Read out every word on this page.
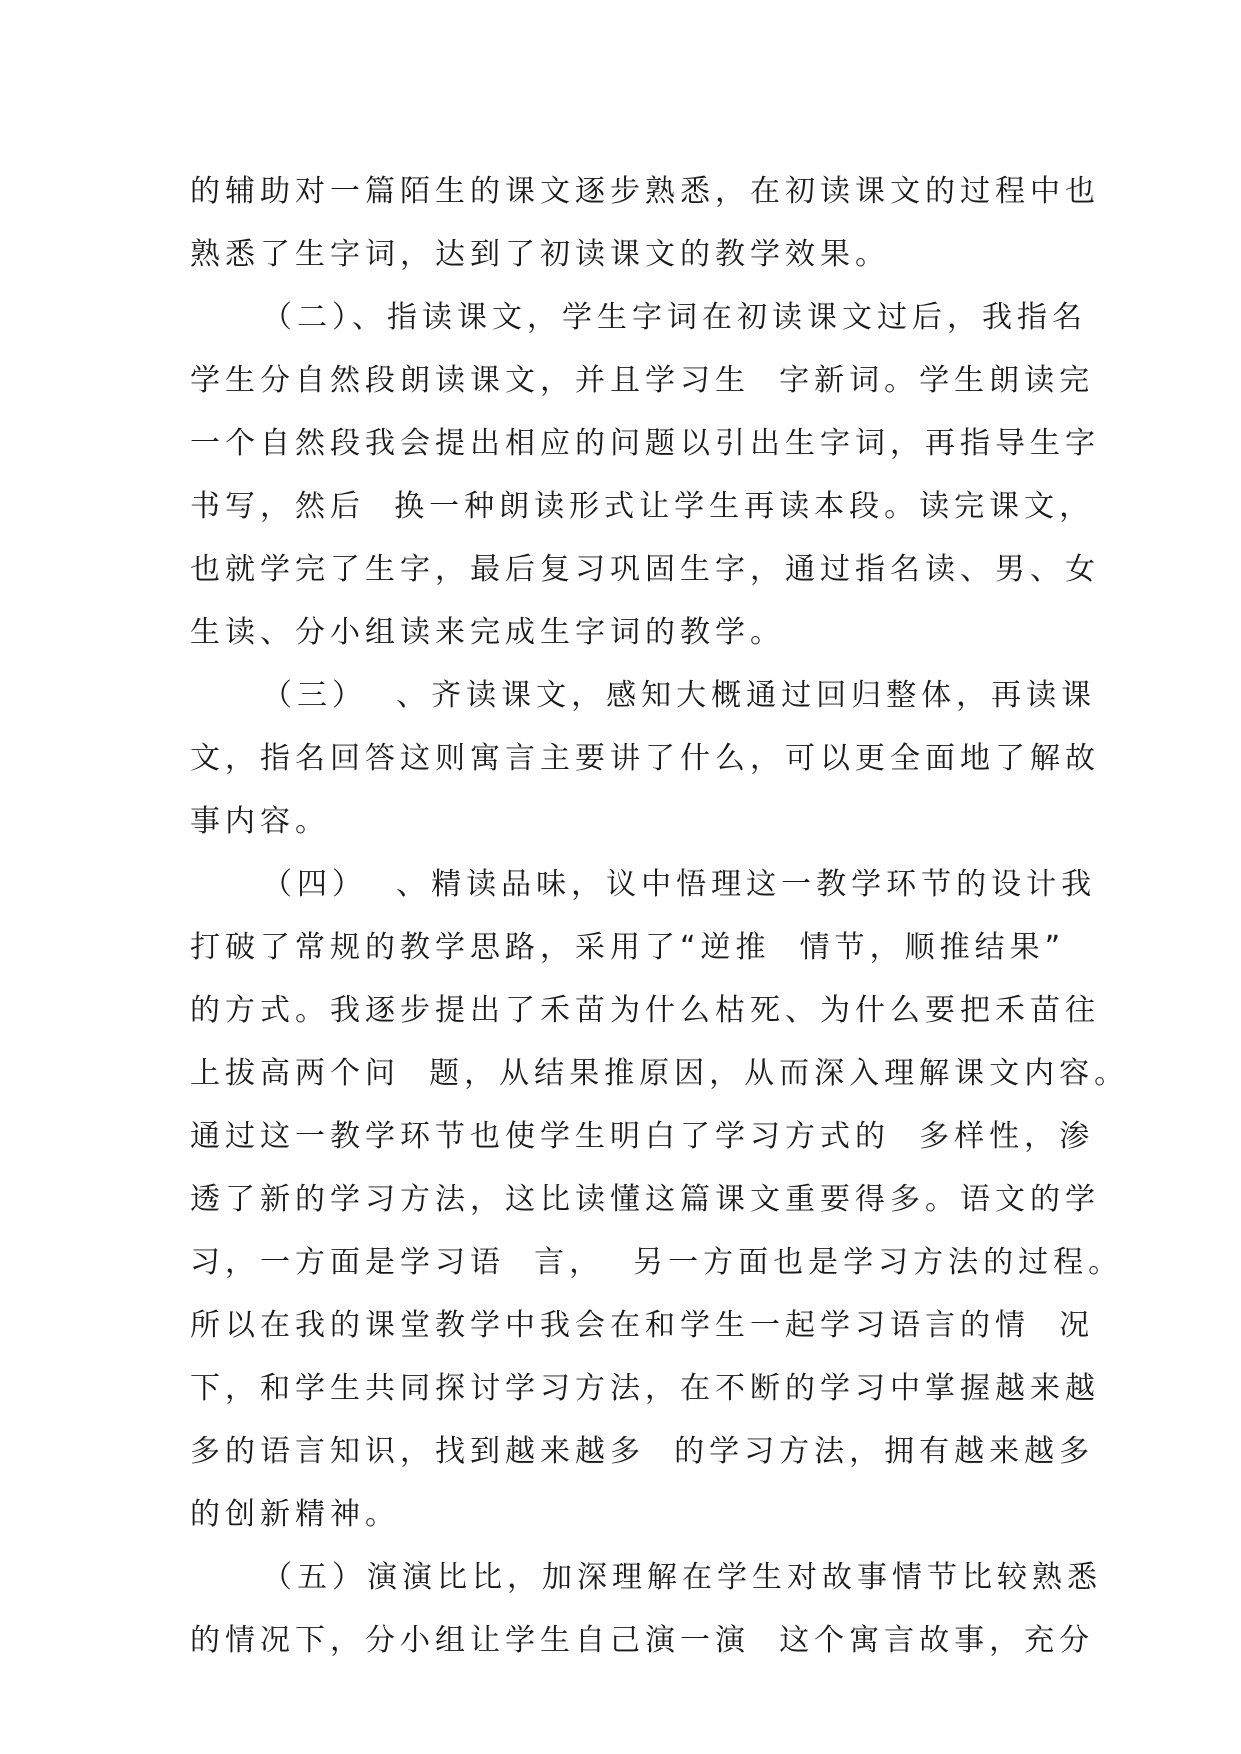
的辅助对一篇陌生的课文逐步熟悉，在初读课文的过程中也
熟悉了生字词，达到了初读课文的教学效果。
（二）、指读课文，学生字词在初读课文过后，我指名
学生分自然段朗读课文，并且学习生  字新词。学生朗读完
一个自然段我会提出相应的问题以引出生字词，再指导生字
书写，然后  换一种朗读形式让学生再读本段。读完课文，
也就学完了生字，最后复习巩固生字，通过指名读、男、女
生读、分小组读来完成生字词的教学。
（三）  、齐读课文，感知大概通过回归整体，再读课
文，指名回答这则寓言主要讲了什么，可以更全面地了解故
事内容。
（四）  、精读品味，议中悟理这一教学环节的设计我
打破了常规的教学思路，采用了“逆推  情节，顺推结果”
的方式。我逐步提出了禾苗为什么枯死、为什么要把禾苗往
上拔高两个问  题，从结果推原因，从而深入理解课文内容。
通过这一教学环节也使学生明白了学习方式的  多样性，渗
透了新的学习方法，这比读懂这篇课文重要得多。语文的学
习，一方面是学习语  言，  另一方面也是学习方法的过程。
所以在我的课堂教学中我会在和学生一起学习语言的情  况
下，和学生共同探讨学习方法，在不断的学习中掌握越来越
多的语言知识，找到越来越多  的学习方法，拥有越来越多
的创新精神。
（五）演演比比，加深理解在学生对故事情节比较熟悉
的情况下，分小组让学生自己演一演  这个寓言故事，充分
